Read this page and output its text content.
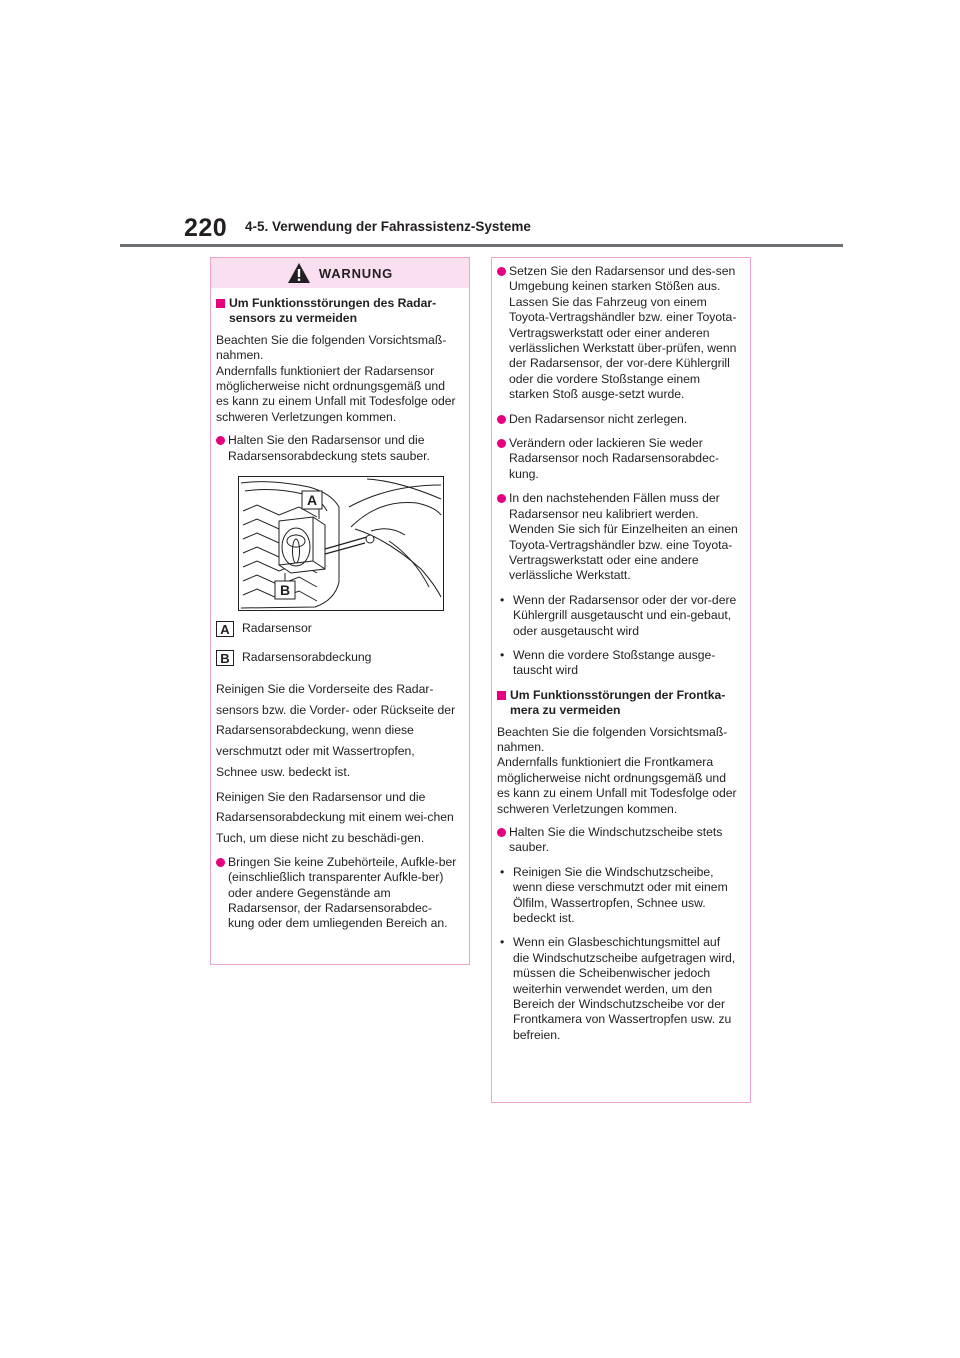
220 4-5. Verwendung der Fahrassistenz-Systeme
WARNUNG
Um Funktionsstörungen des Radar-sensors zu vermeiden
Beachten Sie die folgenden Vorsichtsmaß-nahmen.
Andernfalls funktioniert der Radarsensor möglicherweise nicht ordnungsgemäß und es kann zu einem Unfall mit Todesfolge oder schweren Verletzungen kommen.
Halten Sie den Radarsensor und die Radarsensorabdeckung stets sauber.
A
B
A	Radarsensor
B	Radarsensorabdeckung
Reinigen Sie die Vorderseite des Radar-sensors bzw. die Vorder- oder Rückseite der Radarsensorabdeckung, wenn diese verschmutzt oder mit Wassertropfen, Schnee usw. bedeckt ist.
Reinigen Sie den Radarsensor und die Radarsensorabdeckung mit einem wei-chen Tuch, um diese nicht zu beschädi-gen.
Bringen Sie keine Zubehörteile, Aufkle-ber (einschließlich transparenter Aufkle-ber) oder andere Gegenstände am Radarsensor, der Radarsensorabdec-kung oder dem umliegenden Bereich an.
Setzen Sie den Radarsensor und des-sen Umgebung keinen starken Stößen aus.
Lassen Sie das Fahrzeug von einem Toyota-Vertragshändler bzw. einer Toyota-Vertragswerkstatt oder einer anderen verlässlichen Werkstatt über-prüfen, wenn der Radarsensor, der vor-dere Kühlergrill oder die vordere Stoßstange einem starken Stoß ausge-setzt wurde.
Den Radarsensor nicht zerlegen.
Verändern oder lackieren Sie weder Radarsensor noch Radarsensorabdec-kung.
In den nachstehenden Fällen muss der Radarsensor neu kalibriert werden. Wenden Sie sich für Einzelheiten an einen Toyota-Vertragshändler bzw. eine Toyota-Vertragswerkstatt oder eine andere verlässliche Werkstatt.
• Wenn der Radarsensor oder der vor-dere Kühlergrill ausgetauscht und ein-gebaut, oder ausgetauscht wird
• Wenn die vordere Stoßstange ausge-tauscht wird
Um Funktionsstörungen der Frontka-mera zu vermeiden
Beachten Sie die folgenden Vorsichtsmaß-nahmen.
Andernfalls funktioniert die Frontkamera möglicherweise nicht ordnungsgemäß und es kann zu einem Unfall mit Todesfolge oder schweren Verletzungen kommen.
Halten Sie die Windschutzscheibe stets sauber.
• Reinigen Sie die Windschutzscheibe, wenn diese verschmutzt oder mit einem Ölfilm, Wassertropfen, Schnee usw. bedeckt ist.
• Wenn ein Glasbeschichtungsmittel auf die Windschutzscheibe aufgetragen wird, müssen die Scheibenwischer jedoch weiterhin verwendet werden, um den Bereich der Windschutzscheibe vor der Frontkamera von Wassertropfen usw. zu befreien.
